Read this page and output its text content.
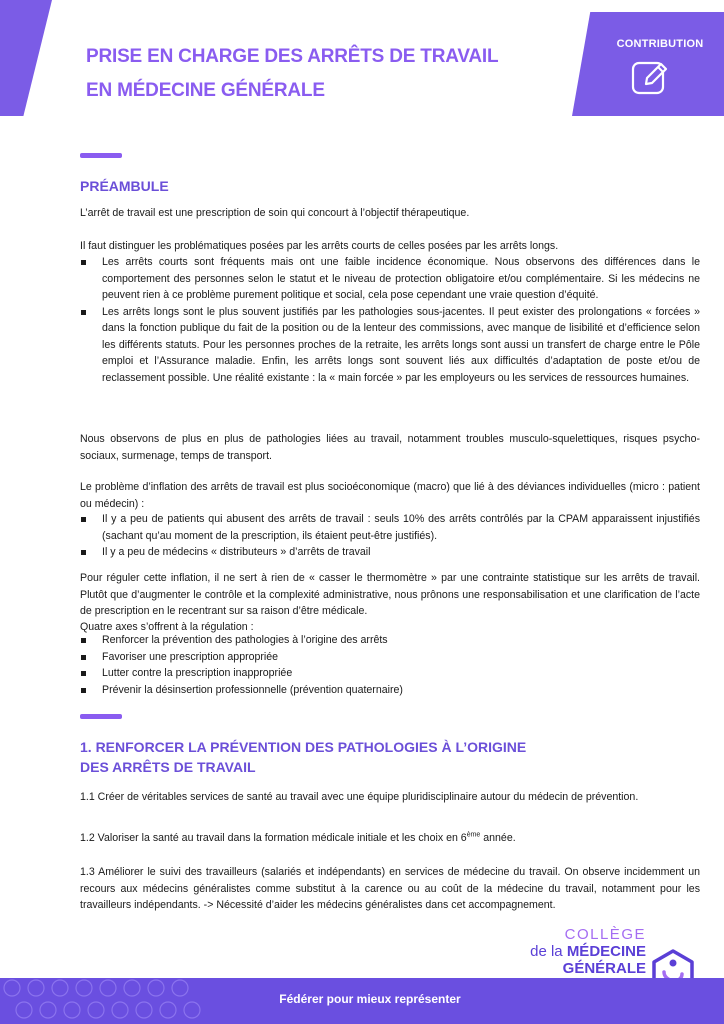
CONTRIBUTION
PRISE EN CHARGE DES ARRÊTS DE TRAVAIL
EN MÉDECINE GÉNÉRALE
PRÉAMBULE

L’arrêt de travail est une prescription de soin qui concourt à l’objectif thérapeutique.

Il faut distinguer les problématiques posées par les arrêts courts de celles posées par les arrêts longs.

Les arrêts courts sont fréquents mais ont une faible incidence économique. Nous observons des différences dans le comportement des personnes selon le statut et le niveau de protection obligatoire et/ou complémentaire. Si les médecins ne peuvent rien à ce problème purement politique et social, cela pose cependant une vraie question d’équité.
Les arrêts longs sont le plus souvent justifiés par les pathologies sous-jacentes. Il peut exister des prolongations « forcées » dans la fonction publique du fait de la position ou de la lenteur des commissions, avec manque de lisibilité et d’efficience selon les différents statuts. Pour les personnes proches de la retraite, les arrêts longs sont aussi un transfert de charge entre le Pôle emploi et l’Assurance maladie. Enfin, les arrêts longs sont souvent liés aux difficultés d’adaptation de poste et/ou de reclassement possible. Une réalité existante : la « main forcée » par les employeurs ou les services de ressources humaines.

Nous observons de plus en plus de pathologies liées au travail, notamment troubles musculo-squelettiques, risques psycho-sociaux, surmenage, temps de transport.

Le problème d’inflation des arrêts de travail est plus socioéconomique (macro) que lié à des déviances individuelles (micro : patient ou médecin) :

Il y a peu de patients qui abusent des arrêts de travail : seuls 10% des arrêts contrôlés par la CPAM apparaissent injustifiés (sachant qu’au moment de la prescription, ils étaient peut-être justifiés).
Il y a peu de médecins « distributeurs » d’arrêts de travail

Pour réguler cette inflation, il ne sert à rien de « casser le thermomètre » par une contrainte statistique sur les arrêts de travail. Plutôt que d’augmenter le contrôle et la complexité administrative, nous prônons une responsabilisation et une clarification de l’acte de prescription en le recentrant sur sa raison d’être médicale.

Quatre axes s’offrent à la régulation :

Renforcer la prévention des pathologies à l’origine des arrêts
Favoriser une prescription appropriée
Lutter contre la prescription inappropriée
Prévenir la désinsertion professionnelle (prévention quaternaire)
1. RENFORCER LA PRÉVENTION DES PATHOLOGIES À L’ORIGINE
DES ARRÊTS DE TRAVAIL

1.1 Créer de véritables services de santé au travail avec une équipe pluridisciplinaire autour du médecin de prévention.

1.2 Valoriser la santé au travail dans la formation médicale initiale et les choix en 6ème année.

1.3 Améliorer le suivi des travailleurs (salariés et indépendants) en services de médecine du travail. On observe incidemment un recours aux médecins généralistes comme substitut à la carence ou au coût de la médecine du travail, notamment pour les travailleurs indépendants. -> Nécessité d’aider les médecins généralistes dans cet accompagnement.

COLLÈGE
de la MÉDECINE
GÉNÉRALE
Fédérer pour mieux représenter
